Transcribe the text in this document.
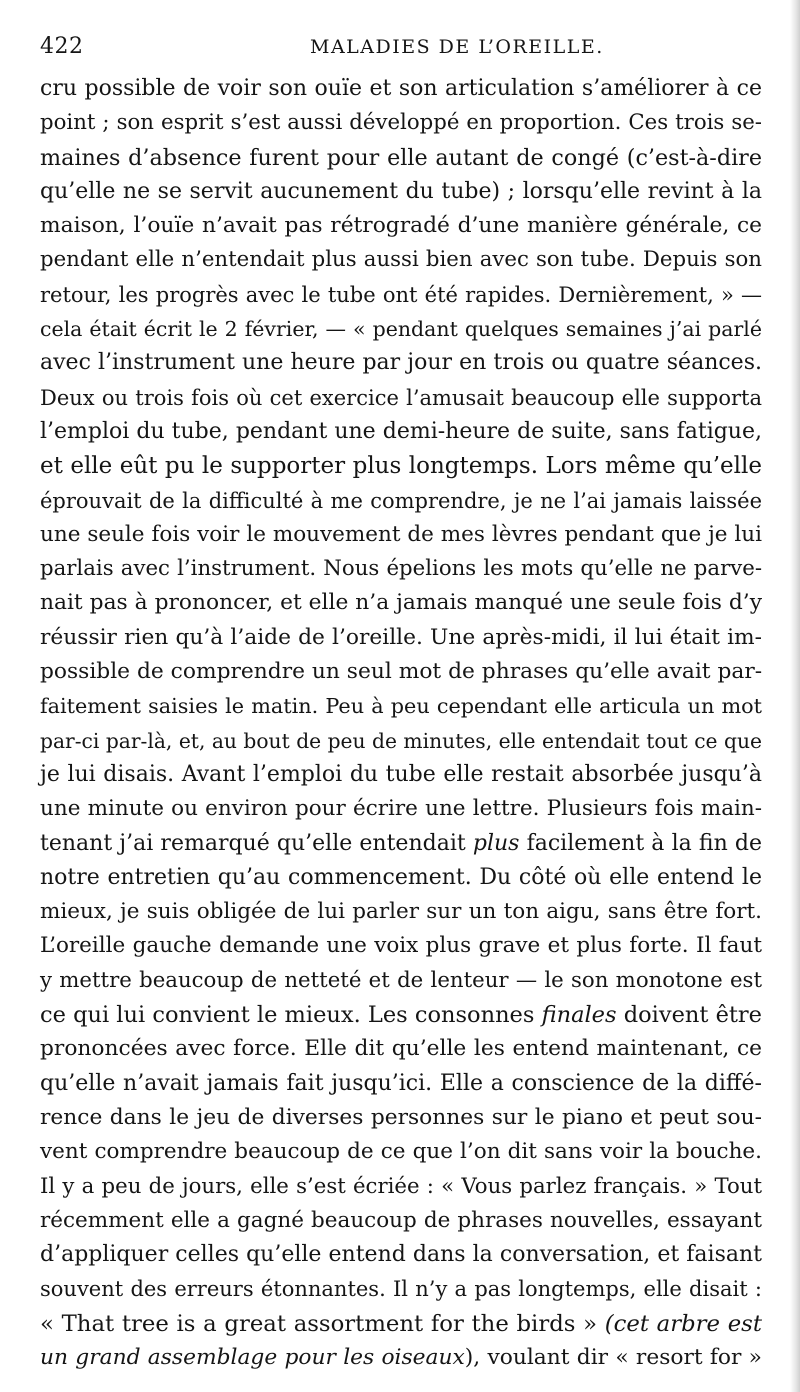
422	MALADIES DE L’OREILLE.
cru possible de voir son ouïe et son articulation s’améliorer à ce
point ; son esprit s’est aussi développé en proportion. Ces trois se-
maines d’absence furent pour elle autant de congé (c’est-à-dire
qu’elle ne se servit aucunement du tube) ; lorsqu’elle revint à la
maison, l’ouïe n’avait pas rétrogradé d’une manière générale, ce
pendant elle n’entendait plus aussi bien avec son tube. Depuis son
retour, les progrès avec le tube ont été rapides. Dernièrement, » —
cela était écrit le 2 février, — « pendant quelques semaines j’ai parlé
avec l’instrument une heure par jour en trois ou quatre séances.
Deux ou trois fois où cet exercice l’amusait beaucoup elle supporta
l’emploi du tube, pendant une demi-heure de suite, sans fatigue,
et elle eût pu le supporter plus longtemps. Lors même qu’elle
éprouvait de la difficulté à me comprendre, je ne l’ai jamais laissée
une seule fois voir le mouvement de mes lèvres pendant que je lui
parlais avec l’instrument. Nous épelions les mots qu’elle ne parve-
nait pas à prononcer, et elle n’a jamais manqué une seule fois d’y
réussir rien qu’à l’aide de l’oreille. Une après-midi, il lui était im-
possible de comprendre un seul mot de phrases qu’elle avait par-
faitement saisies le matin. Peu à peu cependant elle articula un mot
par-ci par-là, et, au bout de peu de minutes, elle entendait tout ce que
je lui disais. Avant l’emploi du tube elle restait absorbée jusqu’à
une minute ou environ pour écrire une lettre. Plusieurs fois main-
tenant j’ai remarqué qu’elle entendait plus facilement à la fin de
notre entretien qu’au commencement. Du côté où elle entend le
mieux, je suis obligée de lui parler sur un ton aigu, sans être fort.
L’oreille gauche demande une voix plus grave et plus forte. Il faut
y mettre beaucoup de netteté et de lenteur — le son monotone est
ce qui lui convient le mieux. Les consonnes finales doivent être
prononcées avec force. Elle dit qu’elle les entend maintenant, ce
qu’elle n’avait jamais fait jusqu’ici. Elle a conscience de la diffé-
rence dans le jeu de diverses personnes sur le piano et peut sou-
vent comprendre beaucoup de ce que l’on dit sans voir la bouche.
Il y a peu de jours, elle s’est écriée : « Vous parlez français. » Tout
récemment elle a gagné beaucoup de phrases nouvelles, essayant
d’appliquer celles qu’elle entend dans la conversation, et faisant
souvent des erreurs étonnantes. Il n’y a pas longtemps, elle disait :
« That tree is a great assortment for the birds » (cet arbre est
un grand assemblage pour les oiseaux), voulant dir « resort for »
